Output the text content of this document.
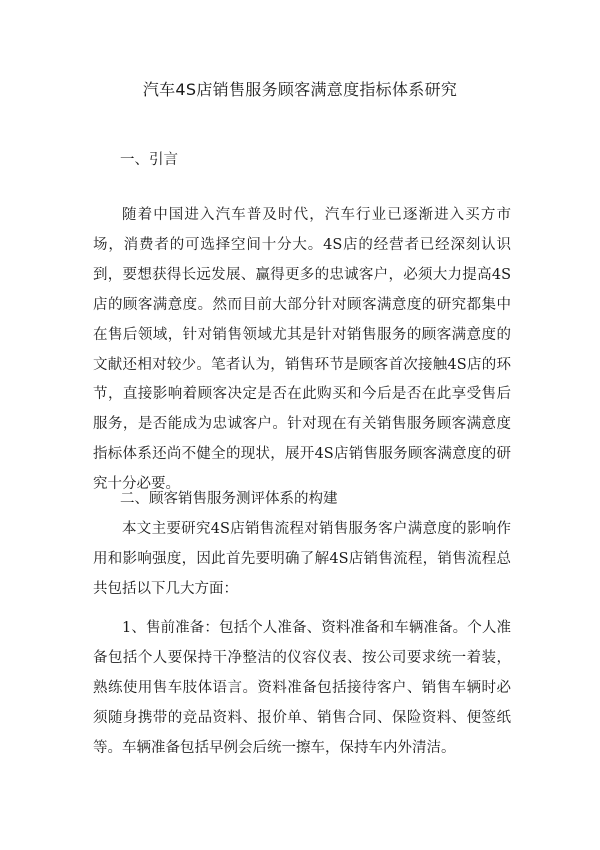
汽车4S店销售服务顾客满意度指标体系研究
一、引言

随着中国进入汽车普及时代，汽车行业已逐渐进入买方市场，消费者的可选择空间十分大。4S店的经营者已经深刻认识到，要想获得长远发展、赢得更多的忠诚客户，必须大力提高4S店的顾客满意度。然而目前大部分针对顾客满意度的研究都集中在售后领域，针对销售领域尤其是针对销售服务的顾客满意度的文献还相对较少。笔者认为，销售环节是顾客首次接触4S店的环节，直接影响着顾客决定是否在此购买和今后是否在此享受售后服务，是否能成为忠诚客户。针对现在有关销售服务顾客满意度指标体系还尚不健全的现状，展开4S店销售服务顾客满意度的研究十分必要。

二、顾客销售服务测评体系的构建

本文主要研究4S店销售流程对销售服务客户满意度的影响作用和影响强度，因此首先要明确了解4S店销售流程，销售流程总共包括以下几大方面：

1、售前准备：包括个人准备、资料准备和车辆准备。个人准备包括个人要保持干净整洁的仪容仪表、按公司要求统一着装，熟练使用售车肢体语言。资料准备包括接待客户、销售车辆时必须随身携带的竞品资料、报价单、销售合同、保险资料、便签纸等。车辆准备包括早例会后统一擦车，保持车内外清洁。
